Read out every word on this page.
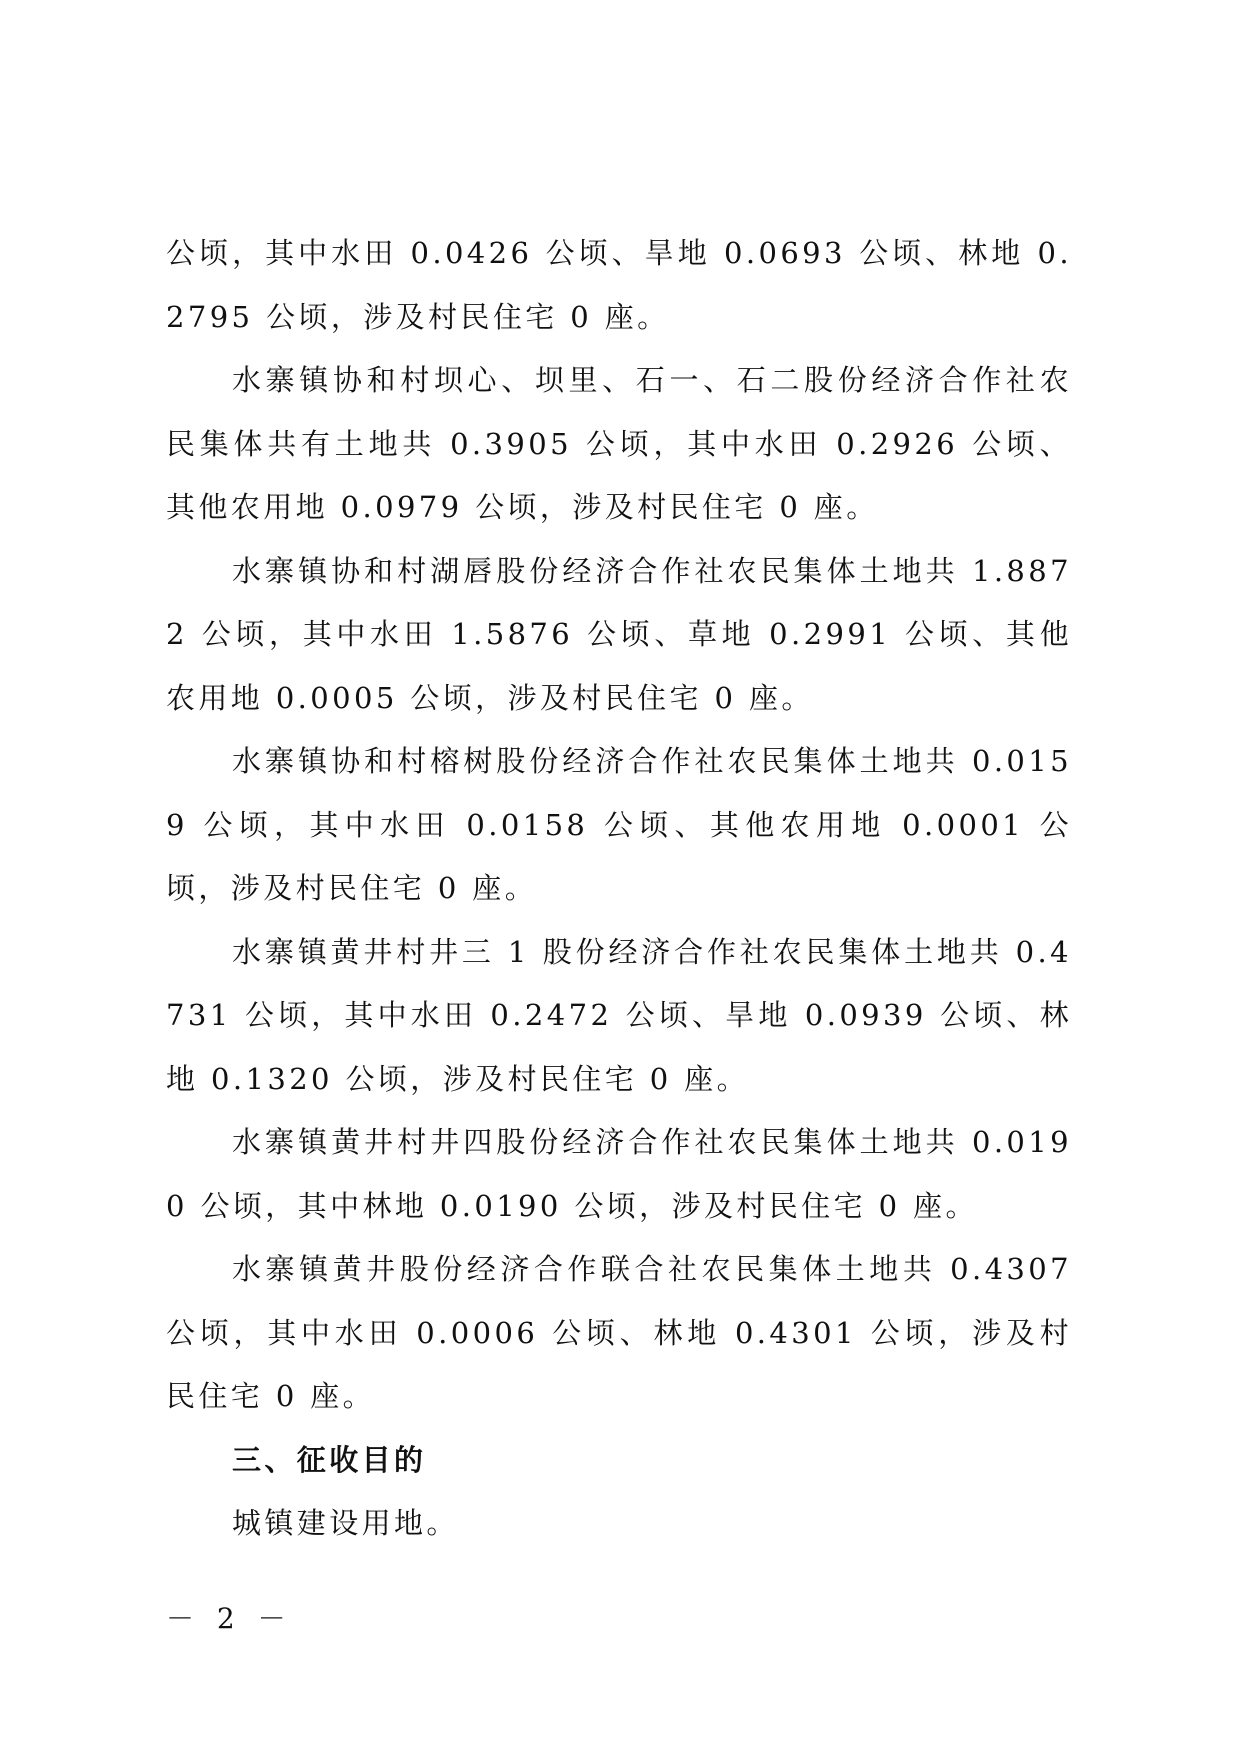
公顷，其中水田 0.0426 公顷、旱地 0.0693 公顷、林地 0.2795 公顷，涉及村民住宅 0 座。

水寨镇协和村坝心、坝里、石一、石二股份经济合作社农民集体共有土地共 0.3905 公顷，其中水田 0.2926 公顷、其他农用地 0.0979 公顷，涉及村民住宅 0 座。

水寨镇协和村湖唇股份经济合作社农民集体土地共 1.8872 公顷，其中水田 1.5876 公顷、草地 0.2991 公顷、其他农用地 0.0005 公顷，涉及村民住宅 0 座。

水寨镇协和村榕树股份经济合作社农民集体土地共 0.0159 公顷，其中水田 0.0158 公顷、其他农用地 0.0001 公顷，涉及村民住宅 0 座。

水寨镇黄井村井三 1 股份经济合作社农民集体土地共 0.4731 公顷，其中水田 0.2472 公顷、旱地 0.0939 公顷、林地 0.1320 公顷，涉及村民住宅 0 座。

水寨镇黄井村井四股份经济合作社农民集体土地共 0.0190 公顷，其中林地 0.0190 公顷，涉及村民住宅 0 座。

水寨镇黄井股份经济合作联合社农民集体土地共 0.4307 公顷，其中水田 0.0006 公顷、林地 0.4301 公顷，涉及村民住宅 0 座。

三、征收目的

城镇建设用地。

－ 2 －
